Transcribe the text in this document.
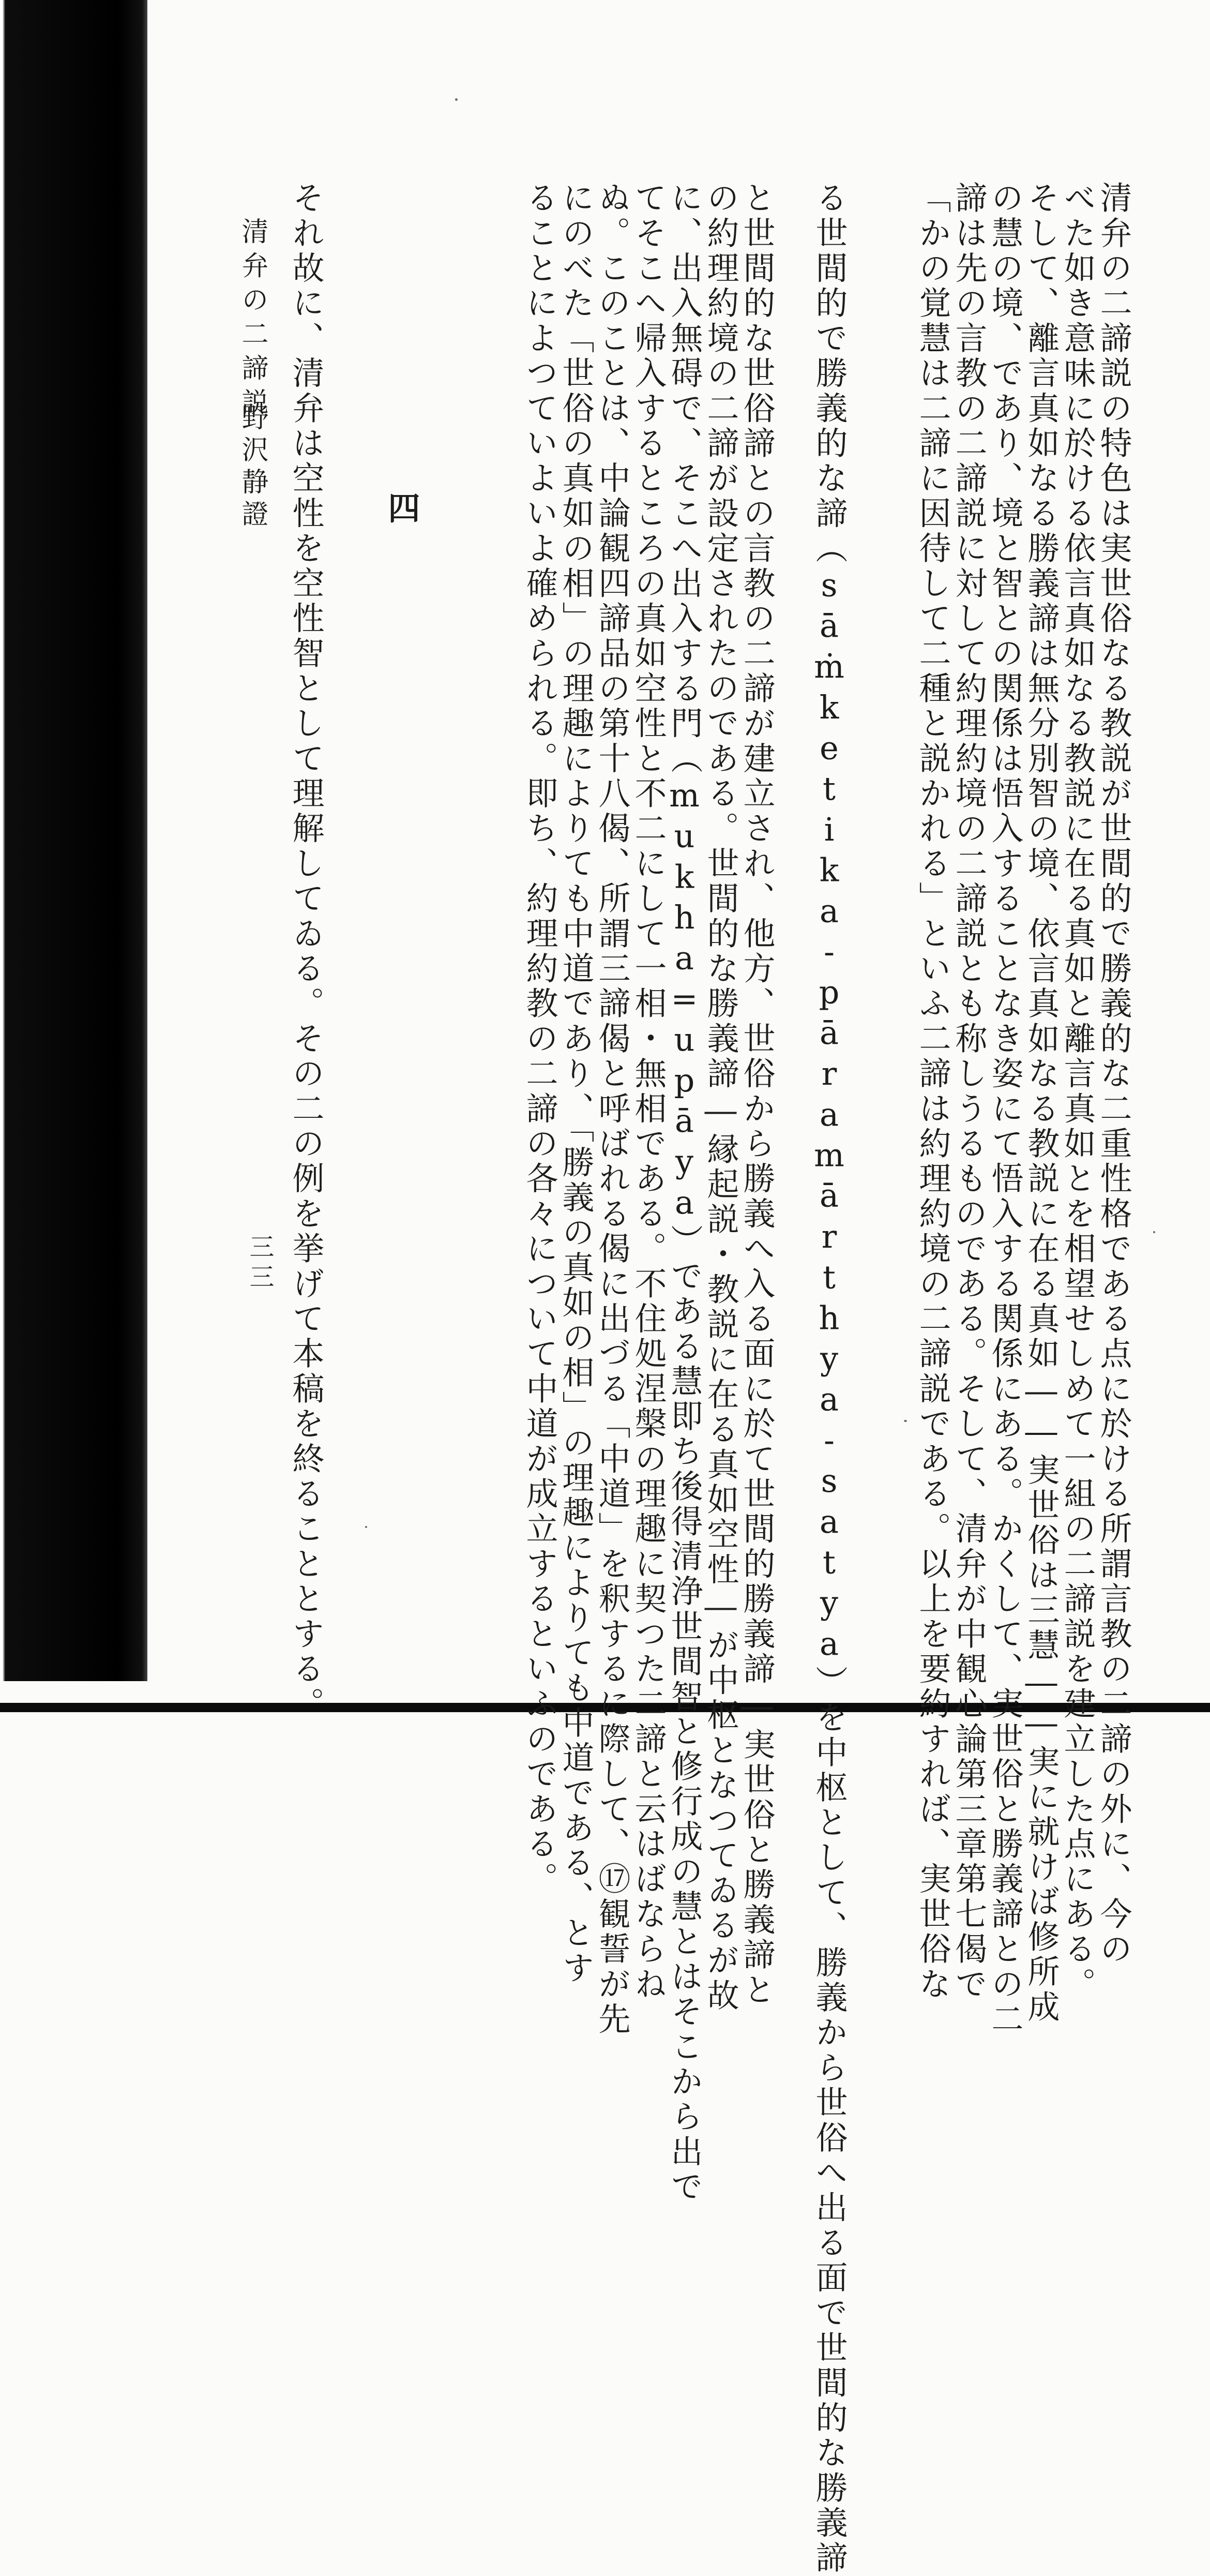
三三	清弁の二諦説の特色は実世俗なる教説が世間的で勝義的な二重性格である点に於ける所謂言教の二諦の外に、今の
べた如き意味に於ける依言真如なる教説に在る真如と離言真如とを相望せしめて一組の二諦説を建立した点にある。
そして、離言真如なる勝義諦は無分別智の境、依言真如なる教説に在る真如――実世俗は三慧――実に就けば修所成
の慧の境、であり、境と智との関係は悟入することなき姿にて悟入する関係にある。かくして、実世俗と勝義諦との二
諦は先の言教の二諦説に対して約理約境の二諦説とも称しうるものである。そして、清弁が中観心論第三章第七偈で
「かの覚慧は二諦に因待して二種と説かれる」といふ二諦は約理約境の二諦説である。以上を要約すれば、実世俗な
る世間的で勝義的な諦（sāṁketika-pāramārthya-satya）を中枢として、勝義から世俗へ出る面で世間的な勝義諦
と世間的な世俗諦との言教の二諦が建立され、他方、世俗から勝義へ入る面に於て世間的勝義諦―実世俗と勝義諦と
の約理約境の二諦が設定されたのである。世間的な勝義諦―縁起説・教説に在る真如空性―が中枢となつてゐるが故
に、出入無碍で、そこへ出入する門（mukha=upāya）である慧即ち後得清浄世間智と修行成の慧とはそこから出で
てそこへ帰入するところの真如空性と不二にして一相・無相である。不住処涅槃の理趣に契つた二諦と云はばならね
ぬ。このことは、中論観四諦品の第十八偈、所謂三諦偈と呼ばれる偈に出づる「中道」を釈するに際して、⑰観誓が先
にのべた「世俗の真如の相」の理趣によりても中道であり、「勝義の真如の相」の理趣によりても中道である、とす
ることによつていよいよ確められる。即ち、約理約教の二諦の各々について中道が成立するといふのである。
四
それ故に、清弁は空性を空性智として理解してゐる。その二の例を挙げて本稿を終ることとする。
清弁の二諦説
野沢静證
